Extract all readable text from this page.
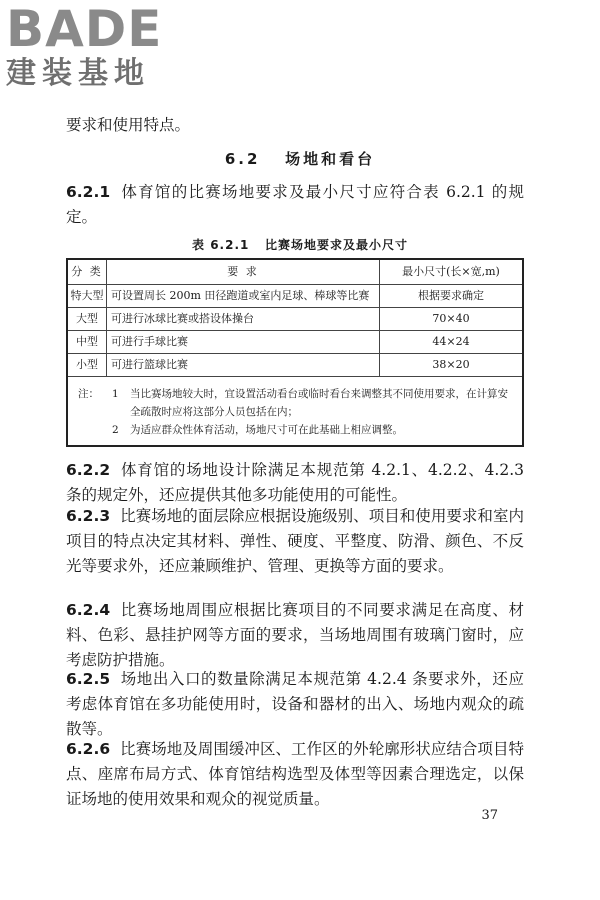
BADE
建装基地
要求和使用特点。
6.2 场地和看台
6.2.1 体育馆的比赛场地要求及最小尺寸应符合表 6.2.1 的规定。
表 6.2.1 比赛场地要求及最小尺寸
分 类	要 求	最小尺寸(长×宽,m)
特大型	可设置周长 200m 田径跑道或室内足球、棒球等比赛	根据要求确定
大型	可进行冰球比赛或搭设体操台	70×40
中型	可进行手球比赛	44×24
小型	可进行篮球比赛	38×20
注：	1	当比赛场地较大时，宜设置活动看台或临时看台来调整其不同使用要求，在计算安全疏散时应将这部分人员包括在内；
2	为适应群众性体育活动，场地尺寸可在此基础上相应调整。
6.2.2 体育馆的场地设计除满足本规范第 4.2.1、4.2.2、4.2.3 条的规定外，还应提供其他多功能使用的可能性。
6.2.3 比赛场地的面层除应根据设施级别、项目和使用要求和室内项目的特点决定其材料、弹性、硬度、平整度、防滑、颜色、不反光等要求外，还应兼顾维护、管理、更换等方面的要求。
6.2.4 比赛场地周围应根据比赛项目的不同要求满足在高度、材料、色彩、悬挂护网等方面的要求，当场地周围有玻璃门窗时，应考虑防护措施。
6.2.5 场地出入口的数量除满足本规范第 4.2.4 条要求外，还应考虑体育馆在多功能使用时，设备和器材的出入、场地内观众的疏散等。
6.2.6 比赛场地及周围缓冲区、工作区的外轮廓形状应结合项目特点、座席布局方式、体育馆结构选型及体型等因素合理选定，以保证场地的使用效果和观众的视觉质量。
37
